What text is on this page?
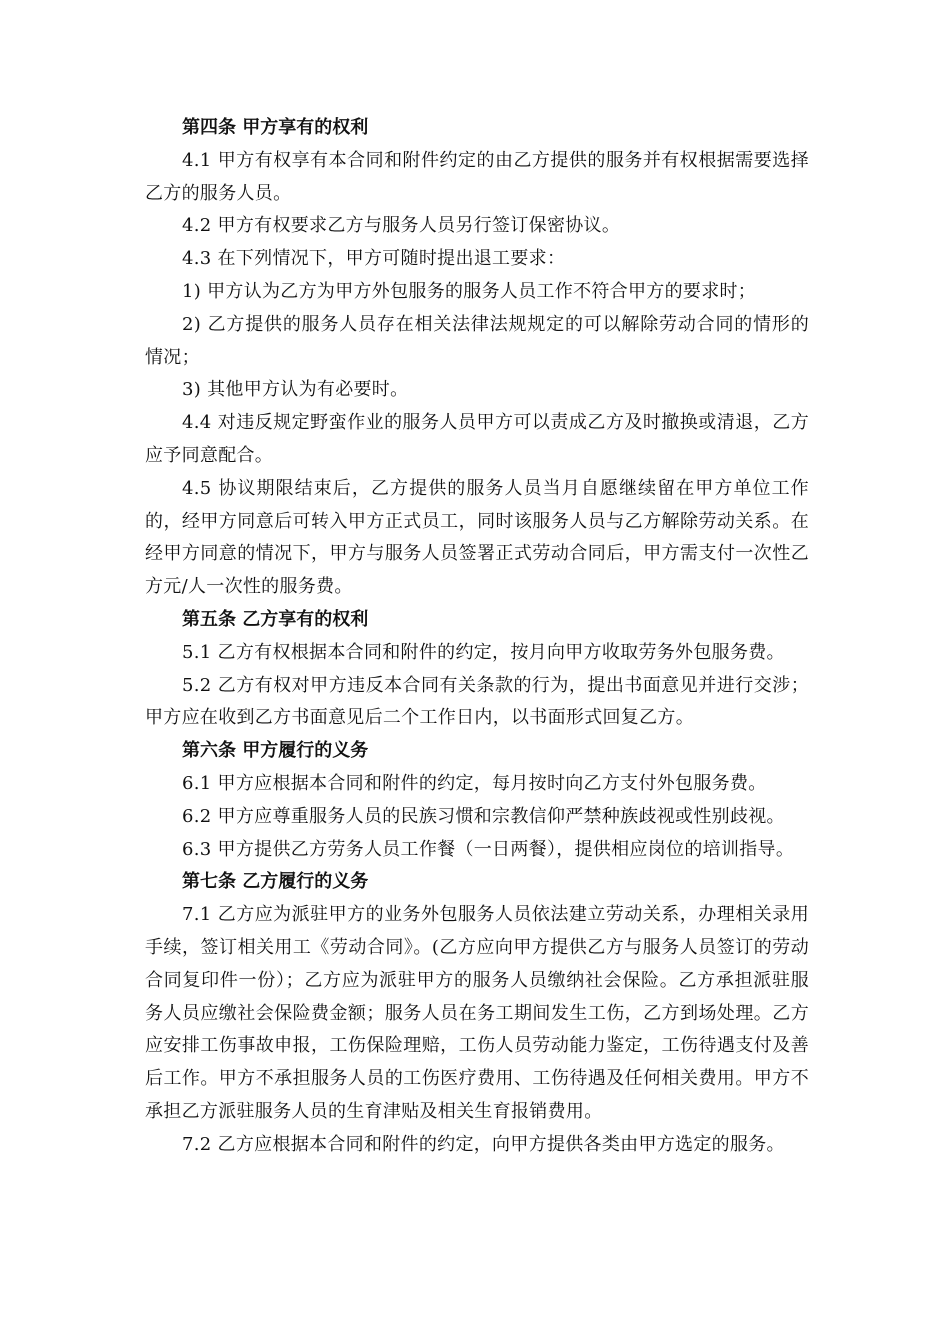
第四条 甲方享有的权利

4.1 甲方有权享有本合同和附件约定的由乙方提供的服务并有权根据需要选择乙方的服务人员。

4.2 甲方有权要求乙方与服务人员另行签订保密协议。

4.3 在下列情况下，甲方可随时提出退工要求：

1) 甲方认为乙方为甲方外包服务的服务人员工作不符合甲方的要求时；

2) 乙方提供的服务人员存在相关法律法规规定的可以解除劳动合同的情形的情况；

3) 其他甲方认为有必要时。

4.4 对违反规定野蛮作业的服务人员甲方可以责成乙方及时撤换或清退，乙方应予同意配合。

4.5 协议期限结束后，乙方提供的服务人员当月自愿继续留在甲方单位工作的，经甲方同意后可转入甲方正式员工，同时该服务人员与乙方解除劳动关系。在经甲方同意的情况下，甲方与服务人员签署正式劳动合同后，甲方需支付一次性乙方元/人一次性的服务费。

第五条 乙方享有的权利

5.1 乙方有权根据本合同和附件的约定，按月向甲方收取劳务外包服务费。

5.2 乙方有权对甲方违反本合同有关条款的行为，提出书面意见并进行交涉；甲方应在收到乙方书面意见后二个工作日内，以书面形式回复乙方。

第六条 甲方履行的义务

6.1 甲方应根据本合同和附件的约定，每月按时向乙方支付外包服务费。

6.2 甲方应尊重服务人员的民族习惯和宗教信仰严禁种族歧视或性别歧视。

6.3 甲方提供乙方劳务人员工作餐（一日两餐），提供相应岗位的培训指导。

第七条 乙方履行的义务

7.1 乙方应为派驻甲方的业务外包服务人员依法建立劳动关系，办理相关录用手续，签订相关用工《劳动合同》。(乙方应向甲方提供乙方与服务人员签订的劳动合同复印件一份）；乙方应为派驻甲方的服务人员缴纳社会保险。乙方承担派驻服务人员应缴社会保险费金额；服务人员在务工期间发生工伤，乙方到场处理。乙方应安排工伤事故申报，工伤保险理赔，工伤人员劳动能力鉴定，工伤待遇支付及善后工作。甲方不承担服务人员的工伤医疗费用、工伤待遇及任何相关费用。甲方不承担乙方派驻服务人员的生育津贴及相关生育报销费用。

7.2 乙方应根据本合同和附件的约定，向甲方提供各类由甲方选定的服务。
